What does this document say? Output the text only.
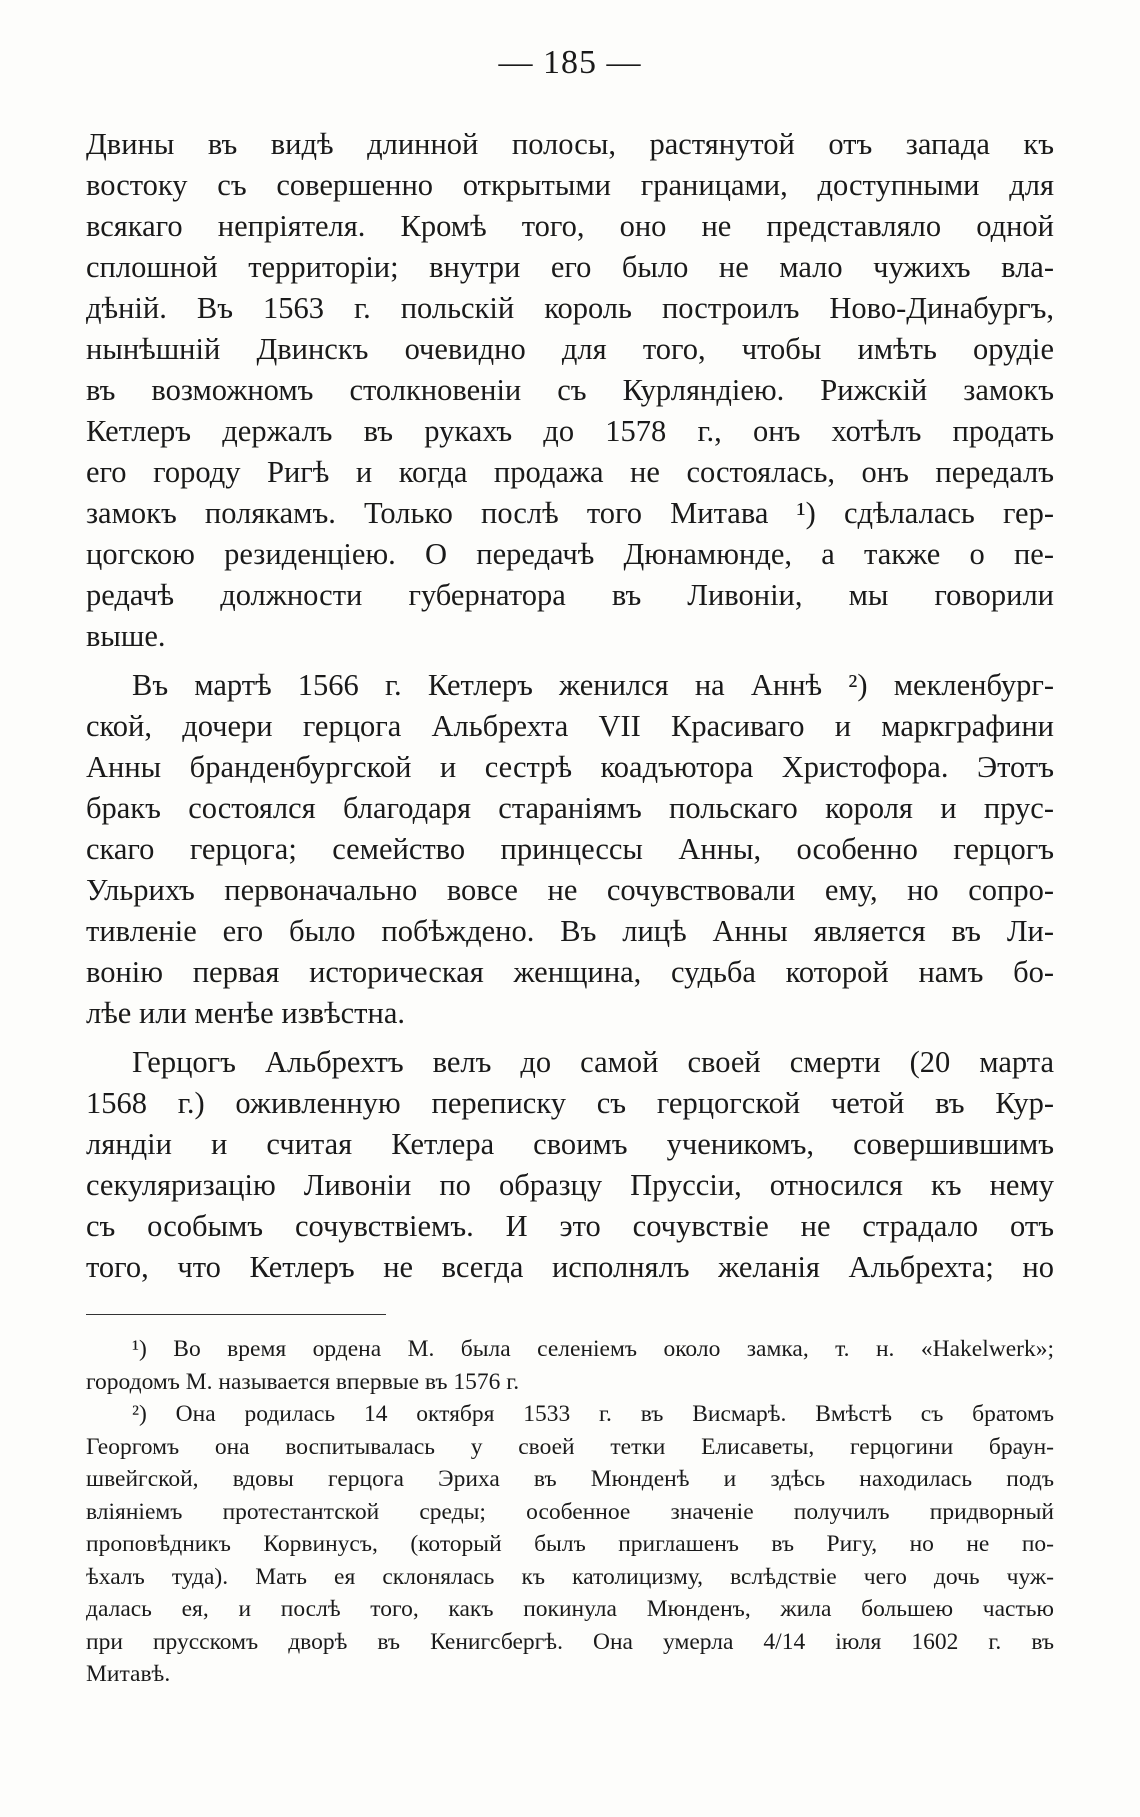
— 185 —
Двины въ видѣ длинной полосы, растянутой отъ запада къ
востоку съ совершенно открытыми границами, доступными для
всякаго непріятеля. Кромѣ того, оно не представляло одной
сплошной территоріи; внутри его было не мало чужихъ вла-
дѣній. Въ 1563 г. польскій король построилъ Ново-Динабургъ,
нынѣшній Двинскъ очевидно для того, чтобы имѣть орудіе
въ возможномъ столкновеніи съ Курляндіею. Рижскій замокъ
Кетлеръ держалъ въ рукахъ до 1578 г., онъ хотѣлъ продать
его городу Ригѣ и когда продажа не состоялась, онъ передалъ
замокъ полякамъ. Только послѣ того Митава ¹) сдѣлалась гер-
цогскою резиденціею. О передачѣ Дюнамюнде, а также о пе-
редачѣ должности губернатора въ Ливоніи, мы говорили
выше.
Въ мартѣ 1566 г. Кетлеръ женился на Аннѣ ²) мекленбург-
ской, дочери герцога Альбрехта VII Красиваго и маркграфини
Анны бранденбургской и сестрѣ коадъютора Христофора. Этотъ
бракъ состоялся благодаря стараніямъ польскаго короля и прус-
скаго герцога; семейство принцессы Анны, особенно герцогъ
Ульрихъ первоначально вовсе не сочувствовали ему, но сопро-
тивленіе его было побѣждено. Въ лицѣ Анны является въ Ли-
вонію первая историческая женщина, судьба которой намъ бо-
лѣе или менѣе извѣстна.
Герцогъ Альбрехтъ велъ до самой своей смерти (20 марта
1568 г.) оживленную переписку съ герцогской четой въ Кур-
ляндіи и считая Кетлера своимъ ученикомъ, совершившимъ
секуляризацію Ливоніи по образцу Пруссіи, относился къ нему
съ особымъ сочувствіемъ. И это сочувствіе не страдало отъ
того, что Кетлеръ не всегда исполнялъ желанія Альбрехта; но
¹) Во время ордена М. была селеніемъ около замка, т. н. «Hakelwerk»;
городомъ М. называется впервые въ 1576 г.
²) Она родилась 14 октября 1533 г. въ Висмарѣ. Вмѣстѣ съ братомъ
Георгомъ она воспитывалась у своей тетки Елисаветы, герцогини браун-
швейгской, вдовы герцога Эриха въ Мюнденѣ и здѣсь находилась подъ
вліяніемъ протестантской среды; особенное значеніе получилъ придворный
проповѣдникъ Корвинусъ, (который былъ приглашенъ въ Ригу, но не по-
ѣхалъ туда). Мать ея склонялась къ католицизму, вслѣдствіе чего дочь чуж-
далась ея, и послѣ того, какъ покинула Мюнденъ, жила большею частью
при прусскомъ дворѣ въ Кенигсбергѣ. Она умерла 4/14 іюля 1602 г. въ
Митавѣ.
